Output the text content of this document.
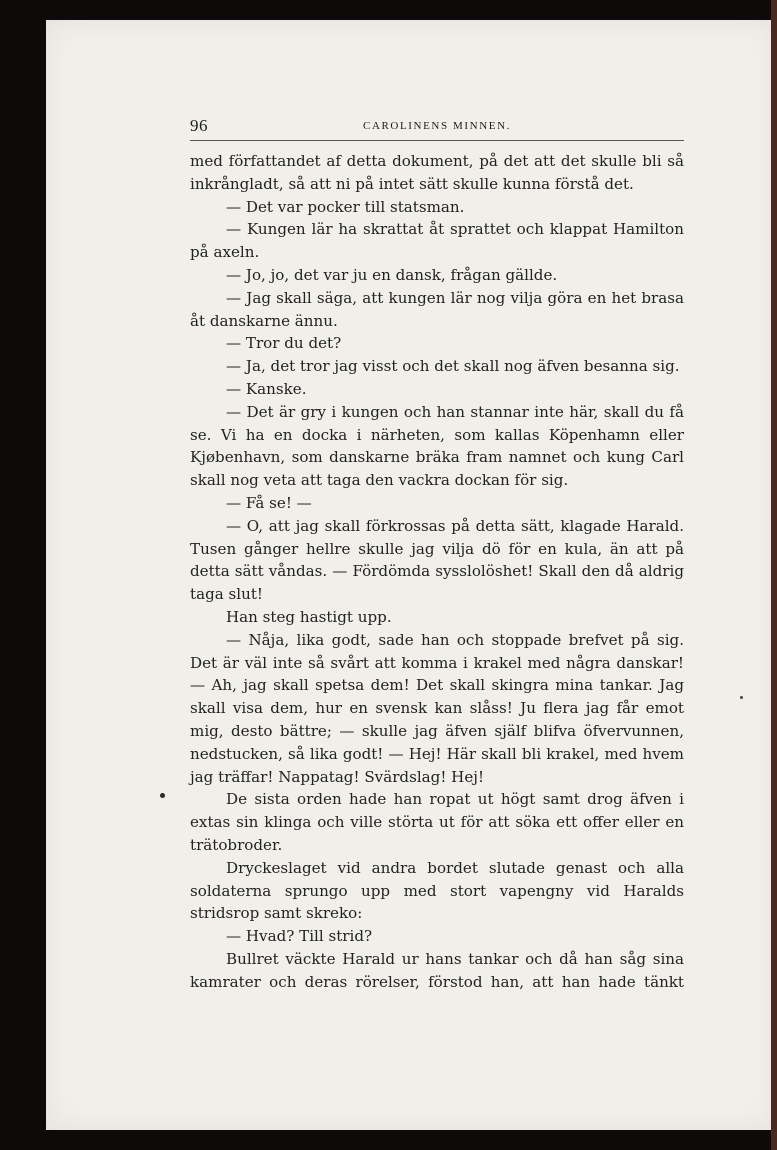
96	CAROLINENS MINNEN.

med författandet af detta dokument, på det att det skulle bli så inkrångladt, så att ni på intet sätt skulle kunna förstå det.

— Det var pocker till statsman.

— Kungen lär ha skrattat åt sprattet och klappat Hamilton på axeln.

— Jo, jo, det var ju en dansk, frågan gällde.

— Jag skall säga, att kungen lär nog vilja göra en het brasa åt danskarne ännu.

— Tror du det?

— Ja, det tror jag visst och det skall nog äfven besanna sig.

— Kanske.

— Det är gry i kungen och han stannar inte här, skall du få se. Vi ha en docka i närheten, som kallas Köpenhamn eller Kjøbenhavn, som danskarne bräka fram namnet och kung Carl skall nog veta att taga den vackra dockan för sig.

— Få se! —

— O, att jag skall förkrossas på detta sätt, klagade Harald. Tusen gånger hellre skulle jag vilja dö för en kula, än att på detta sätt våndas. — Fördömda sysslolöshet! Skall den då aldrig taga slut!

Han steg hastigt upp.

— Nåja, lika godt, sade han och stoppade brefvet på sig. Det är väl inte så svårt att komma i krakel med några danskar! — Ah, jag skall spetsa dem! Det skall skingra mina tankar. Jag skall visa dem, hur en svensk kan slåss! Ju flera jag får emot mig, desto bättre; — skulle jag äfven själf blifva öfvervunnen, nedstucken, så lika godt! — Hej! Här skall bli krakel, med hvem jag träffar! Nappatag! Svärdslag! Hej!

De sista orden hade han ropat ut högt samt drog äfven i extas sin klinga och ville störta ut för att söka ett offer eller en trätobroder.

Dryckeslaget vid andra bordet slutade genast och alla soldaterna sprungo upp med stort vapengny vid Haralds stridsrop samt skreko:

— Hvad? Till strid?

Bullret väckte Harald ur hans tankar och då han såg sina kamrater och deras rörelser, förstod han, att han hade tänkt
